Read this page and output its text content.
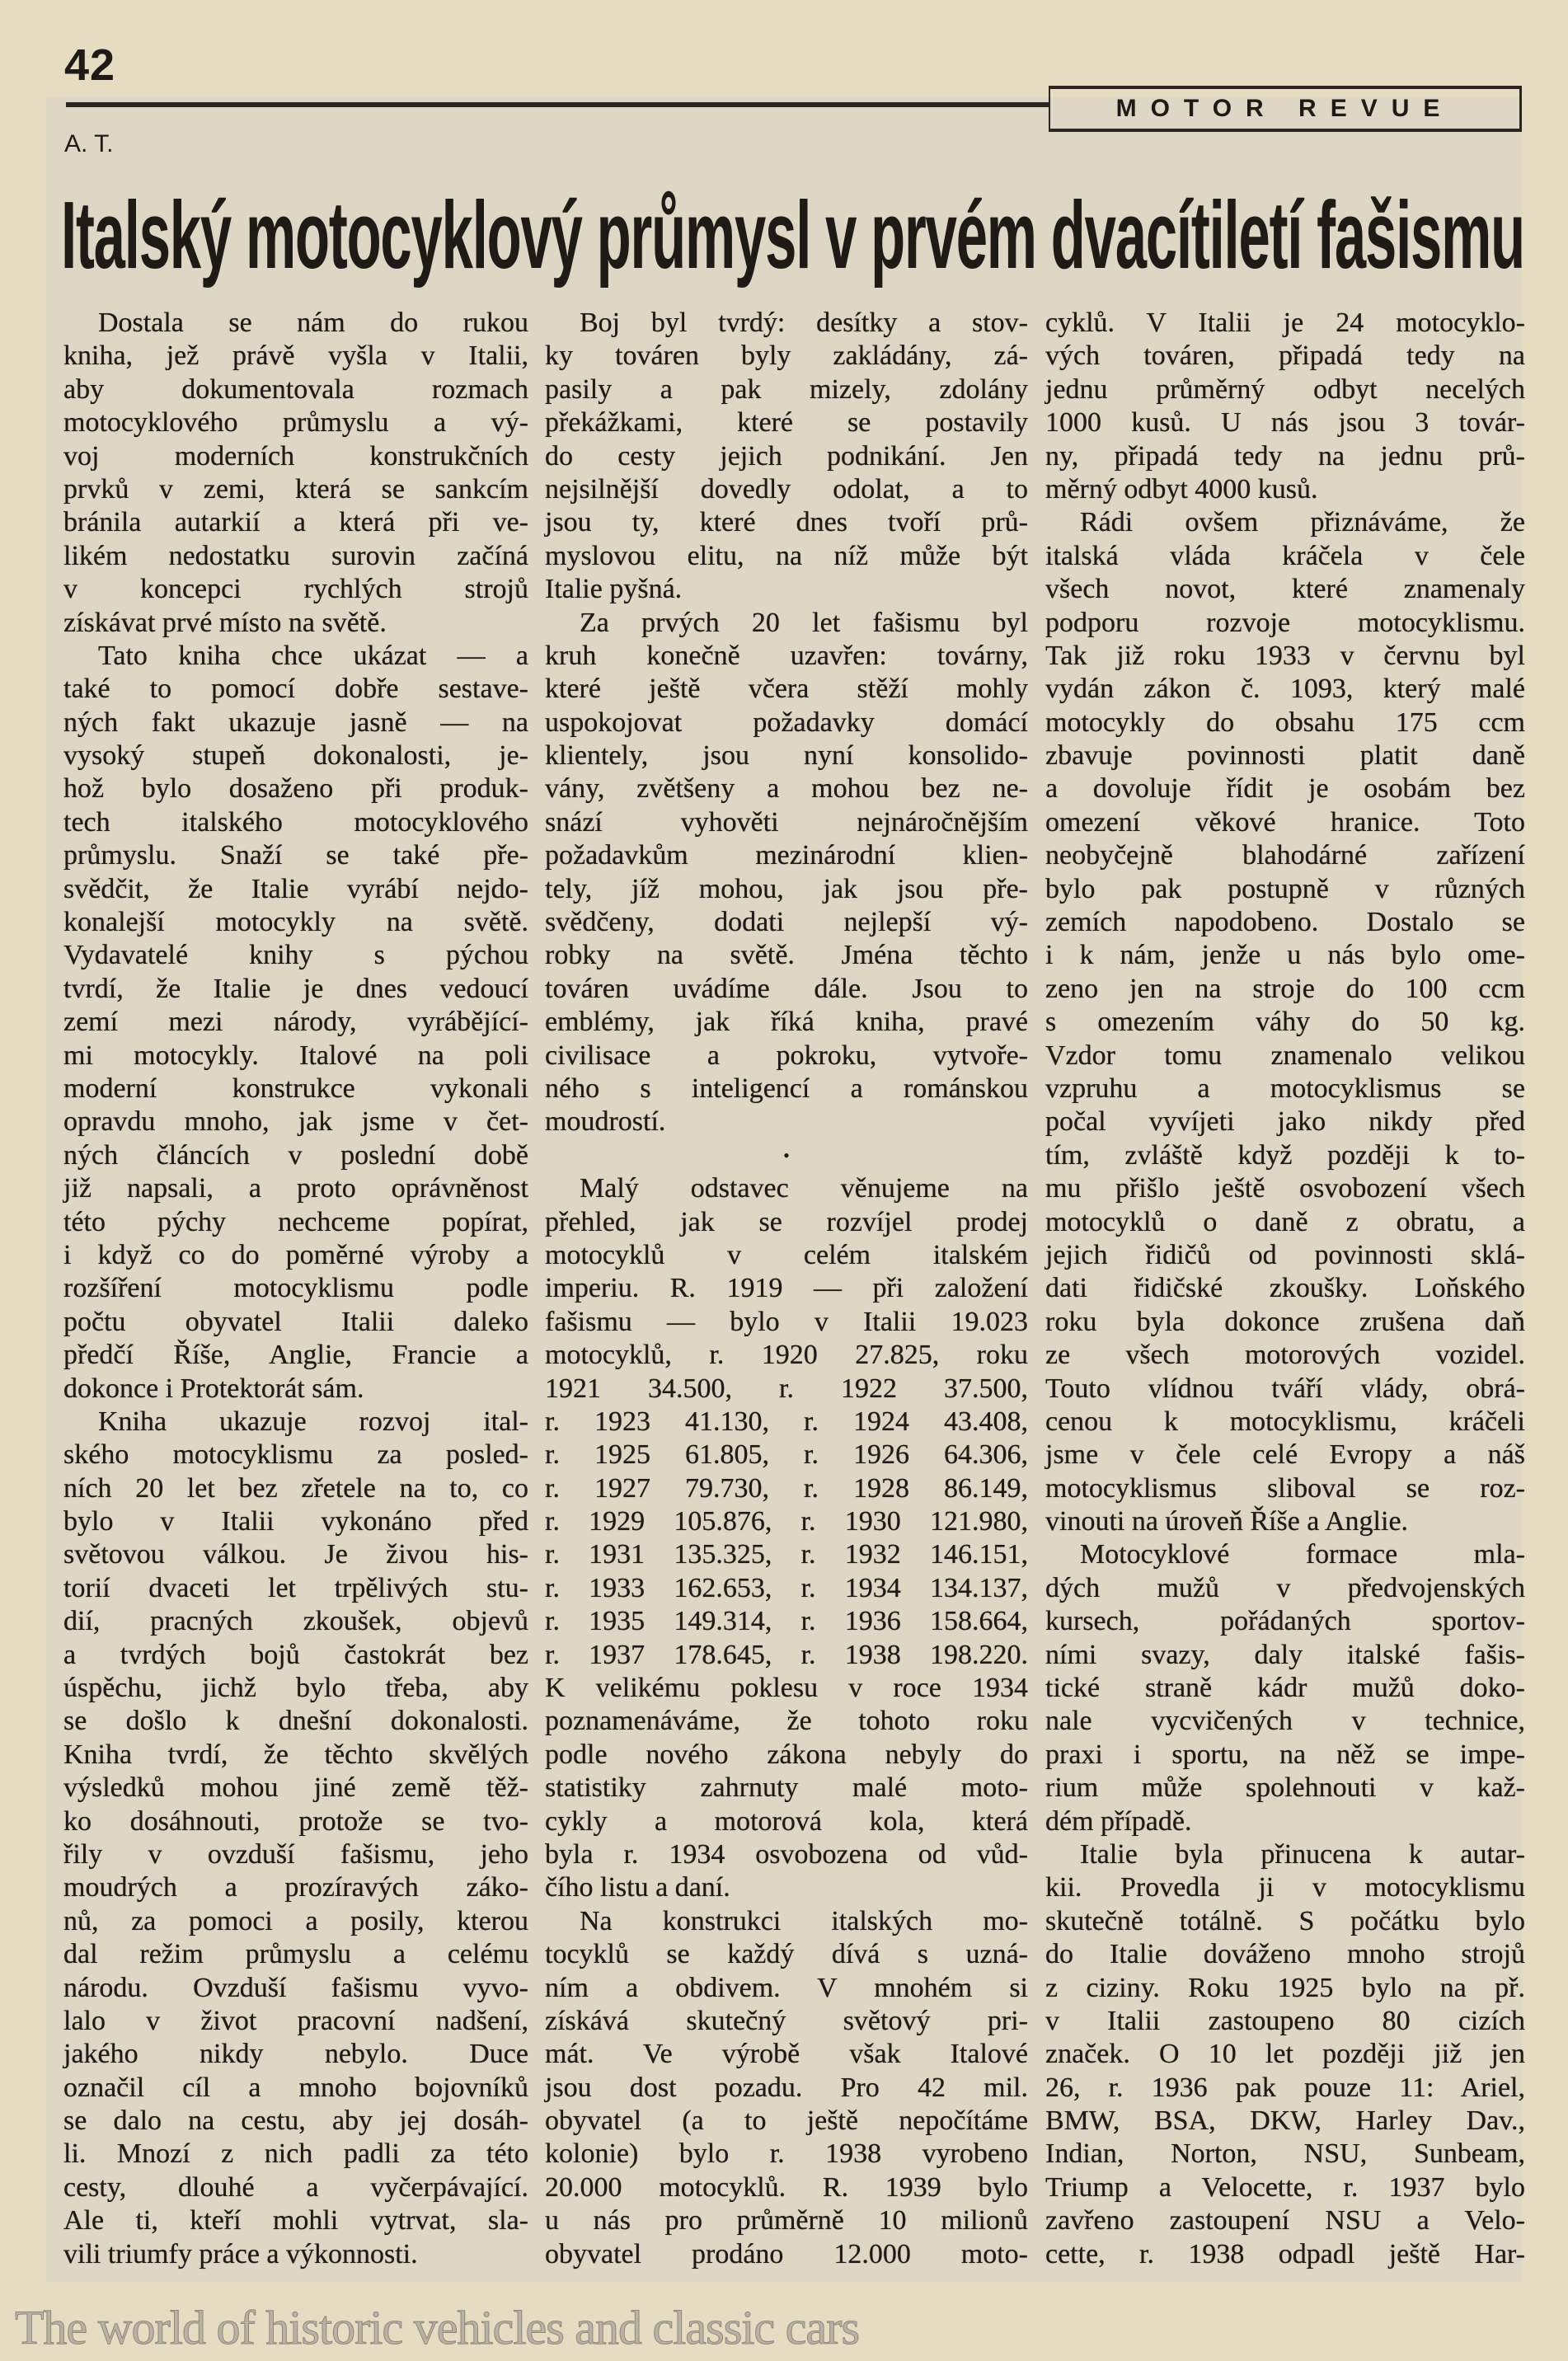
42
MOTOR REVUE
A. T.
Italský motocyklový průmysl v prvém dvacítiletí fašismu
Dostala se nám do rukou
kniha, jež právě vyšla v Italii,
aby dokumentovala rozmach
motocyklového průmyslu a vý-
voj moderních konstrukčních
prvků v zemi, která se sankcím
bránila autarkií a která při ve-
likém nedostatku surovin začíná
v koncepci rychlých strojů
získávat prvé místo na světě.
Tato kniha chce ukázat — a
také to pomocí dobře sestave-
ných fakt ukazuje jasně — na
vysoký stupeň dokonalosti, je-
hož bylo dosaženo při produk-
tech italského motocyklového
průmyslu. Snaží se také pře-
svědčit, že Italie vyrábí nejdo-
konalejší motocykly na světě.
Vydavatelé knihy s pýchou
tvrdí, že Italie je dnes vedoucí
zemí mezi národy, vyrábějící-
mi motocykly. Italové na poli
moderní konstrukce vykonali
opravdu mnoho, jak jsme v čet-
ných článcích v poslední době
již napsali, a proto oprávněnost
této pýchy nechceme popírat,
i když co do poměrné výroby a
rozšíření motocyklismu podle
počtu obyvatel Italii daleko
předčí Říše, Anglie, Francie a
dokonce i Protektorát sám.
Kniha ukazuje rozvoj ital-
ského motocyklismu za posled-
ních 20 let bez zřetele na to, co
bylo v Italii vykonáno před
světovou válkou. Je živou his-
torií dvaceti let trpělivých stu-
dií, pracných zkoušek, objevů
a tvrdých bojů častokrát bez
úspěchu, jichž bylo třeba, aby
se došlo k dnešní dokonalosti.
Kniha tvrdí, že těchto skvělých
výsledků mohou jiné země těž-
ko dosáhnouti, protože se tvo-
řily v ovzduší fašismu, jeho
moudrých a prozíravých záko-
nů, za pomoci a posily, kterou
dal režim průmyslu a celému
národu. Ovzduší fašismu vyvo-
lalo v život pracovní nadšení,
jakého nikdy nebylo. Duce
označil cíl a mnoho bojovníků
se dalo na cestu, aby jej dosáh-
li. Mnozí z nich padli za této
cesty, dlouhé a vyčerpávající.
Ale ti, kteří mohli vytrvat, sla-
vili triumfy práce a výkonnosti.
Boj byl tvrdý: desítky a stov-
ky továren byly zakládány, zá-
pasily a pak mizely, zdolány
překážkami, které se postavily
do cesty jejich podnikání. Jen
nejsilnější dovedly odolat, a to
jsou ty, které dnes tvoří prů-
myslovou elitu, na níž může být
Italie pyšná.
Za prvých 20 let fašismu byl
kruh konečně uzavřen: továrny,
které ještě včera stěží mohly
uspokojovat požadavky domácí
klientely, jsou nyní konsolido-
vány, zvětšeny a mohou bez ne-
snází vyhověti nejnáročnějším
požadavkům mezinárodní klien-
tely, jíž mohou, jak jsou pře-
svědčeny, dodati nejlepší vý-
robky na světě. Jména těchto
továren uvádíme dále. Jsou to
emblémy, jak říká kniha, pravé
civilisace a pokroku, vytvoře-
ného s inteligencí a románskou
moudrostí.
•
Malý odstavec věnujeme na
přehled, jak se rozvíjel prodej
motocyklů v celém italském
imperiu. R. 1919 — při založení
fašismu — bylo v Italii 19.023
motocyklů, r. 1920 27.825, roku
1921 34.500, r. 1922 37.500,
r. 1923 41.130, r. 1924 43.408,
r. 1925 61.805, r. 1926 64.306,
r. 1927 79.730, r. 1928 86.149,
r. 1929 105.876, r. 1930 121.980,
r. 1931 135.325, r. 1932 146.151,
r. 1933 162.653, r. 1934 134.137,
r. 1935 149.314, r. 1936 158.664,
r. 1937 178.645, r. 1938 198.220.
K velikému poklesu v roce 1934
poznamenáváme, že tohoto roku
podle nového zákona nebyly do
statistiky zahrnuty malé moto-
cykly a motorová kola, která
byla r. 1934 osvobozena od vůd-
čího listu a daní.
Na konstrukci italských mo-
tocyklů se každý dívá s uzná-
ním a obdivem. V mnohém si
získává skutečný světový pri-
mát. Ve výrobě však Italové
jsou dost pozadu. Pro 42 mil.
obyvatel (a to ještě nepočítáme
kolonie) bylo r. 1938 vyrobeno
20.000 motocyklů. R. 1939 bylo
u nás pro průměrně 10 milionů
obyvatel prodáno 12.000 moto-
cyklů. V Italii je 24 motocyklo-
vých továren, připadá tedy na
jednu průměrný odbyt necelých
1000 kusů. U nás jsou 3 továr-
ny, připadá tedy na jednu prů-
měrný odbyt 4000 kusů.
Rádi ovšem přiznáváme, že
italská vláda kráčela v čele
všech novot, které znamenaly
podporu rozvoje motocyklismu.
Tak již roku 1933 v červnu byl
vydán zákon č. 1093, který malé
motocykly do obsahu 175 ccm
zbavuje povinnosti platit daně
a dovoluje řídit je osobám bez
omezení věkové hranice. Toto
neobyčejně blahodárné zařízení
bylo pak postupně v různých
zemích napodobeno. Dostalo se
i k nám, jenže u nás bylo ome-
zeno jen na stroje do 100 ccm
s omezením váhy do 50 kg.
Vzdor tomu znamenalo velikou
vzpruhu a motocyklismus se
počal vyvíjeti jako nikdy před
tím, zvláště když později k to-
mu přišlo ještě osvobození všech
motocyklů o daně z obratu, a
jejich řidičů od povinnosti sklá-
dati řidičské zkoušky. Loňského
roku byla dokonce zrušena daň
ze všech motorových vozidel.
Touto vlídnou tváří vlády, obrá-
cenou k motocyklismu, kráčeli
jsme v čele celé Evropy a náš
motocyklismus sliboval se roz-
vinouti na úroveň Říše a Anglie.
Motocyklové formace mla-
dých mužů v předvojenských
kursech, pořádaných sportov-
ními svazy, daly italské fašis-
tické straně kádr mužů doko-
nale vycvičených v technice,
praxi i sportu, na něž se impe-
rium může spolehnouti v kaž-
dém případě.
Italie byla přinucena k autar-
kii. Provedla ji v motocyklismu
skutečně totálně. S počátku bylo
do Italie dováženo mnoho strojů
z ciziny. Roku 1925 bylo na př.
v Italii zastoupeno 80 cizích
značek. O 10 let později již jen
26, r. 1936 pak pouze 11: Ariel,
BMW, BSA, DKW, Harley Dav.,
Indian, Norton, NSU, Sunbeam,
Triump a Velocette, r. 1937 bylo
zavřeno zastoupení NSU a Velo-
cette, r. 1938 odpadl ještě Har-
The world of historic vehicles and classic cars
